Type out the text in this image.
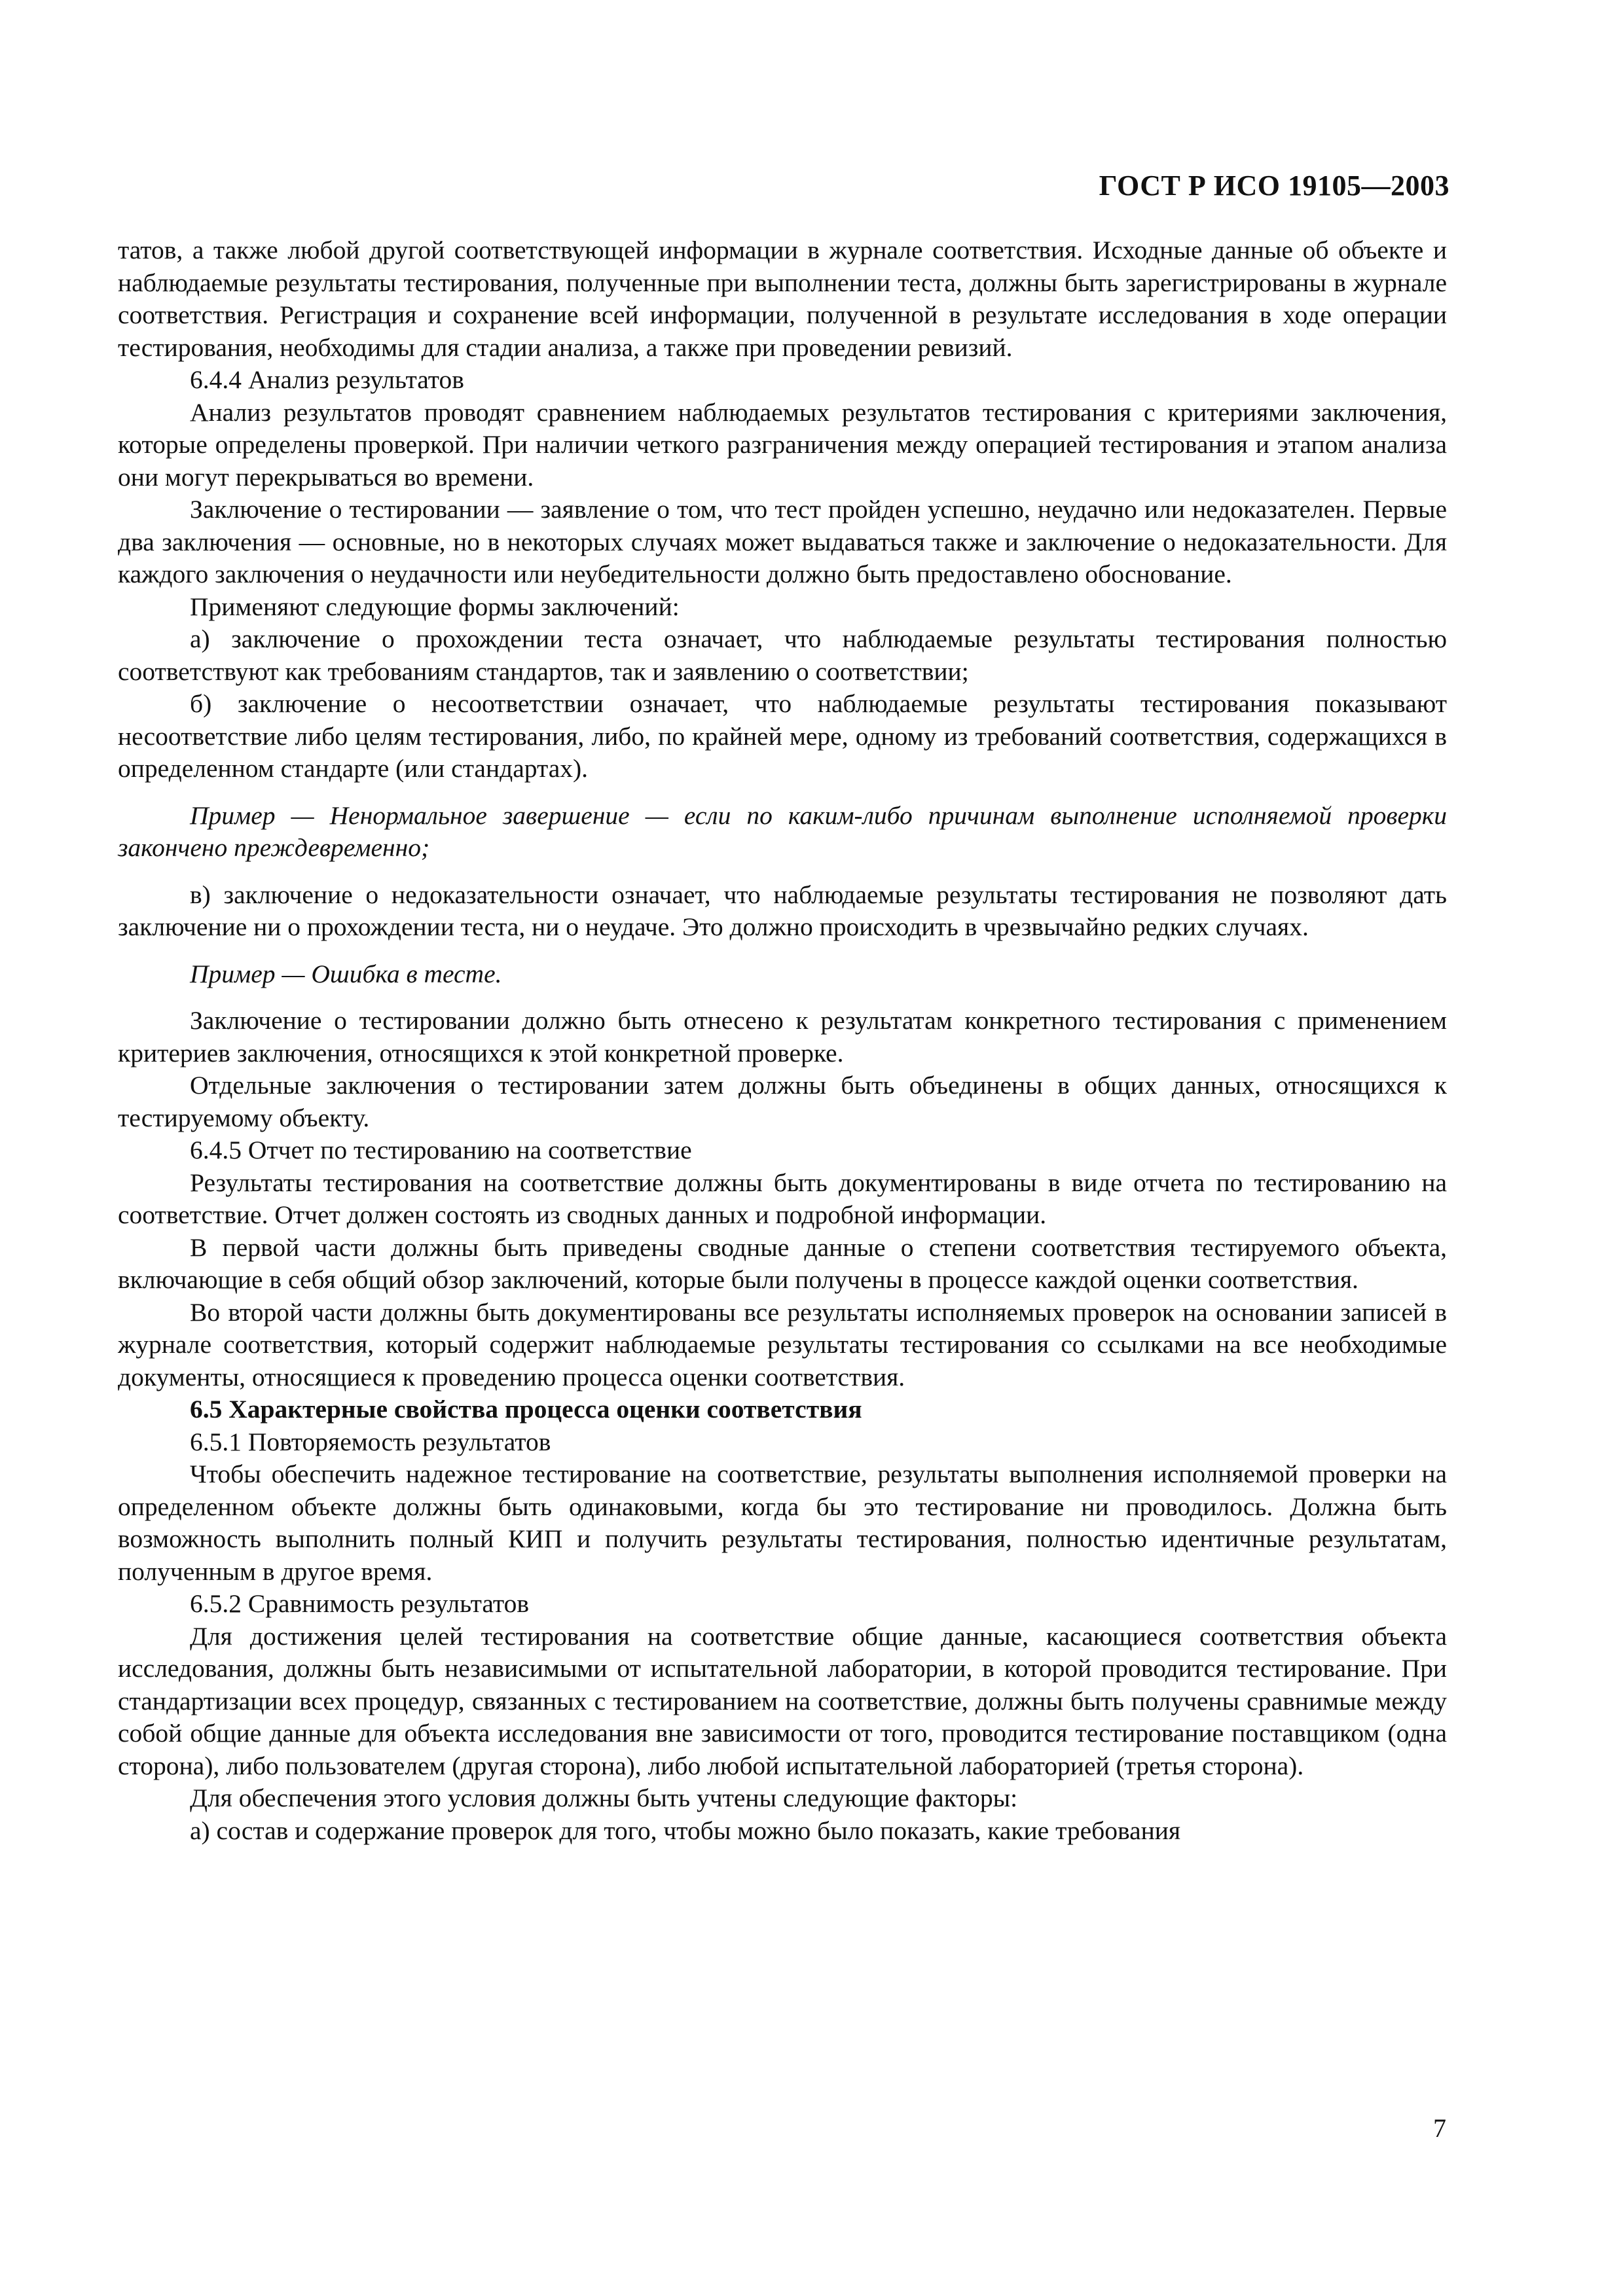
ГОСТ Р ИСО 19105—2003

татов, а также любой другой соответствующей информации в журнале соответствия. Исходные данные об объекте и наблюдаемые результаты тестирования, полученные при выполнении теста, должны быть зарегистрированы в журнале соответствия. Регистрация и сохранение всей информации, полученной в результате исследования в ходе операции тестирования, необходимы для стадии анализа, а также при проведении ревизий.

6.4.4 Анализ результатов

Анализ результатов проводят сравнением наблюдаемых результатов тестирования с критериями заключения, которые определены проверкой. При наличии четкого разграничения между операцией тестирования и этапом анализа они могут перекрываться во времени.

Заключение о тестировании — заявление о том, что тест пройден успешно, неудачно или недоказателен. Первые два заключения — основные, но в некоторых случаях может выдаваться также и заключение о недоказательности. Для каждого заключения о неудачности или неубедительности должно быть предоставлено обоснование.

Применяют следующие формы заключений:

а) заключение о прохождении теста означает, что наблюдаемые результаты тестирования полностью соответствуют как требованиям стандартов, так и заявлению о соответствии;

б) заключение о несоответствии означает, что наблюдаемые результаты тестирования показывают несоответствие либо целям тестирования, либо, по крайней мере, одному из требований соответствия, содержащихся в определенном стандарте (или стандартах).

Пример — Ненормальное завершение — если по каким-либо причинам выполнение исполняемой проверки закончено преждевременно;

в) заключение о недоказательности означает, что наблюдаемые результаты тестирования не позволяют дать заключение ни о прохождении теста, ни о неудаче. Это должно происходить в чрезвычайно редких случаях.

Пример — Ошибка в тесте.

Заключение о тестировании должно быть отнесено к результатам конкретного тестирования с применением критериев заключения, относящихся к этой конкретной проверке.

Отдельные заключения о тестировании затем должны быть объединены в общих данных, относящихся к тестируемому объекту.

6.4.5 Отчет по тестированию на соответствие

Результаты тестирования на соответствие должны быть документированы в виде отчета по тестированию на соответствие. Отчет должен состоять из сводных данных и подробной информации.

В первой части должны быть приведены сводные данные о степени соответствия тестируемого объекта, включающие в себя общий обзор заключений, которые были получены в процессе каждой оценки соответствия.

Во второй части должны быть документированы все результаты исполняемых проверок на основании записей в журнале соответствия, который содержит наблюдаемые результаты тестирования со ссылками на все необходимые документы, относящиеся к проведению процесса оценки соответствия.

6.5 Характерные свойства процесса оценки соответствия

6.5.1 Повторяемость результатов

Чтобы обеспечить надежное тестирование на соответствие, результаты выполнения исполняемой проверки на определенном объекте должны быть одинаковыми, когда бы это тестирование ни проводилось. Должна быть возможность выполнить полный КИП и получить результаты тестирования, полностью идентичные результатам, полученным в другое время.

6.5.2 Сравнимость результатов

Для достижения целей тестирования на соответствие общие данные, касающиеся соответствия объекта исследования, должны быть независимыми от испытательной лаборатории, в которой проводится тестирование. При стандартизации всех процедур, связанных с тестированием на соответствие, должны быть получены сравнимые между собой общие данные для объекта исследования вне зависимости от того, проводится тестирование поставщиком (одна сторона), либо пользователем (другая сторона), либо любой испытательной лабораторией (третья сторона).

Для обеспечения этого условия должны быть учтены следующие факторы:

а) состав и содержание проверок для того, чтобы можно было показать, какие требования

7
